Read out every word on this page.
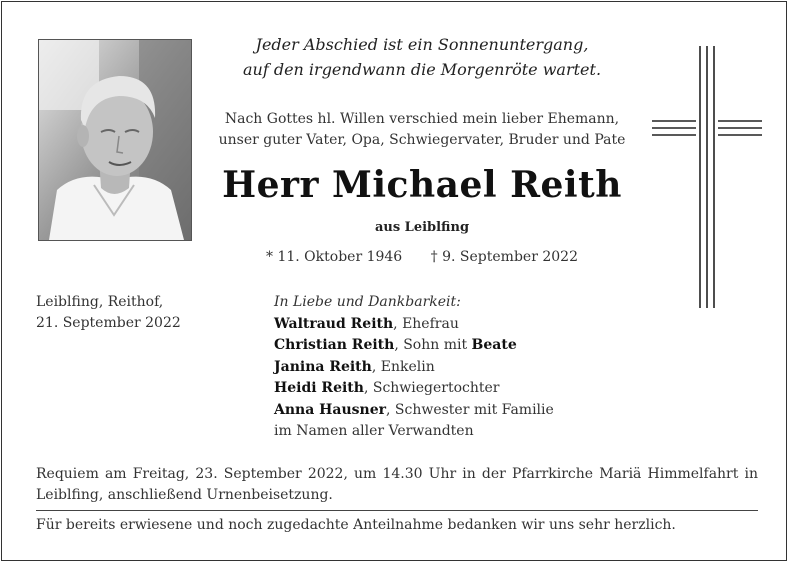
Jeder Abschied ist ein Sonnenuntergang,
auf den irgendwann die Morgenröte wartet.
Nach Gottes hl. Willen verschied mein lieber Ehemann,
unser guter Vater, Opa, Schwiegervater, Bruder und Pate
Herr Michael Reith
aus Leiblfing
* 11. Oktober 1946 † 9. September 2022
Leiblfing, Reithof,
21. September 2022
In Liebe und Dankbarkeit:
Waltraud Reith, Ehefrau
Christian Reith, Sohn mit Beate
Janina Reith, Enkelin
Heidi Reith, Schwiegertochter
Anna Hausner, Schwester mit Familie
im Namen aller Verwandten
Requiem am Freitag, 23. September 2022, um 14.30 Uhr in der Pfarrkirche Mariä Himmelfahrt in
Leiblfing, anschließend Urnenbeisetzung.
Für bereits erwiesene und noch zugedachte Anteilnahme bedanken wir uns sehr herzlich.
